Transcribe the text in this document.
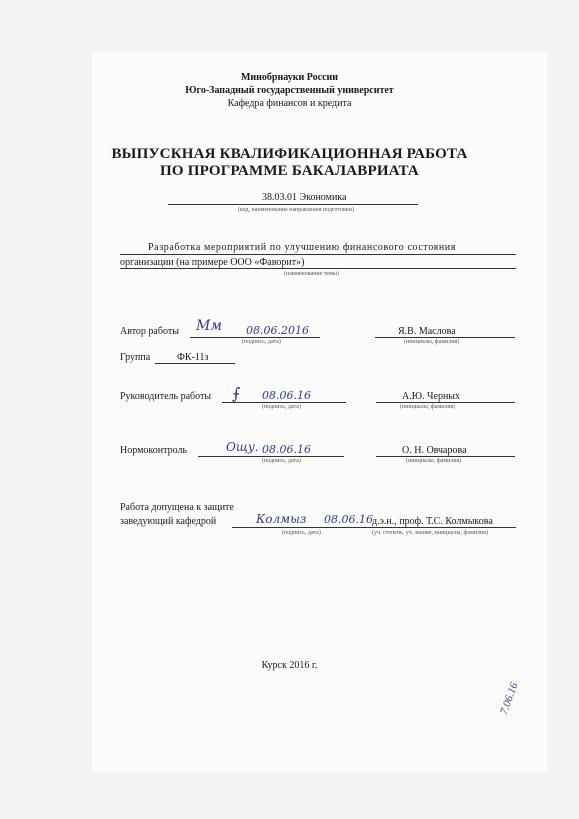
Минобрнауки России
Юго-Западный государственный университет
Кафедра финансов и кредита
ВЫПУСКНАЯ КВАЛИФИКАЦИОННАЯ РАБОТА
ПО ПРОГРАММЕ БАКАЛАВРИАТА
38.03.01 Экономика
(код, наименование направления подготовки)
Разработка мероприятий по улучшению финансового состояния
организации (на примере ООО «Фаворит»)
(наименование темы)
Автор работы Мм 08.06.2016
(подпись, дата)
Я.В. Маслова
(инициалы, фамилия)
Группа	ФК-11з
Руководитель работы ⨍ 08.06.16
(подпись, дата)
А.Ю. Черных
(инициалы, фамилия)
Нормоконтроль	Ощу. 08.06.16
(подпись, дата)
О. Н. Овчарова
(инициалы, фамилия)
Работа допущена к защите
заведующий кафедрой	Колмыз 08.06.16 д.э.н., проф. Т.С. Колмыкова
(подпись, дата)	(уч. степень, уч. звание, инициалы, фамилия)
Курск 2016 г.
7.06.16
